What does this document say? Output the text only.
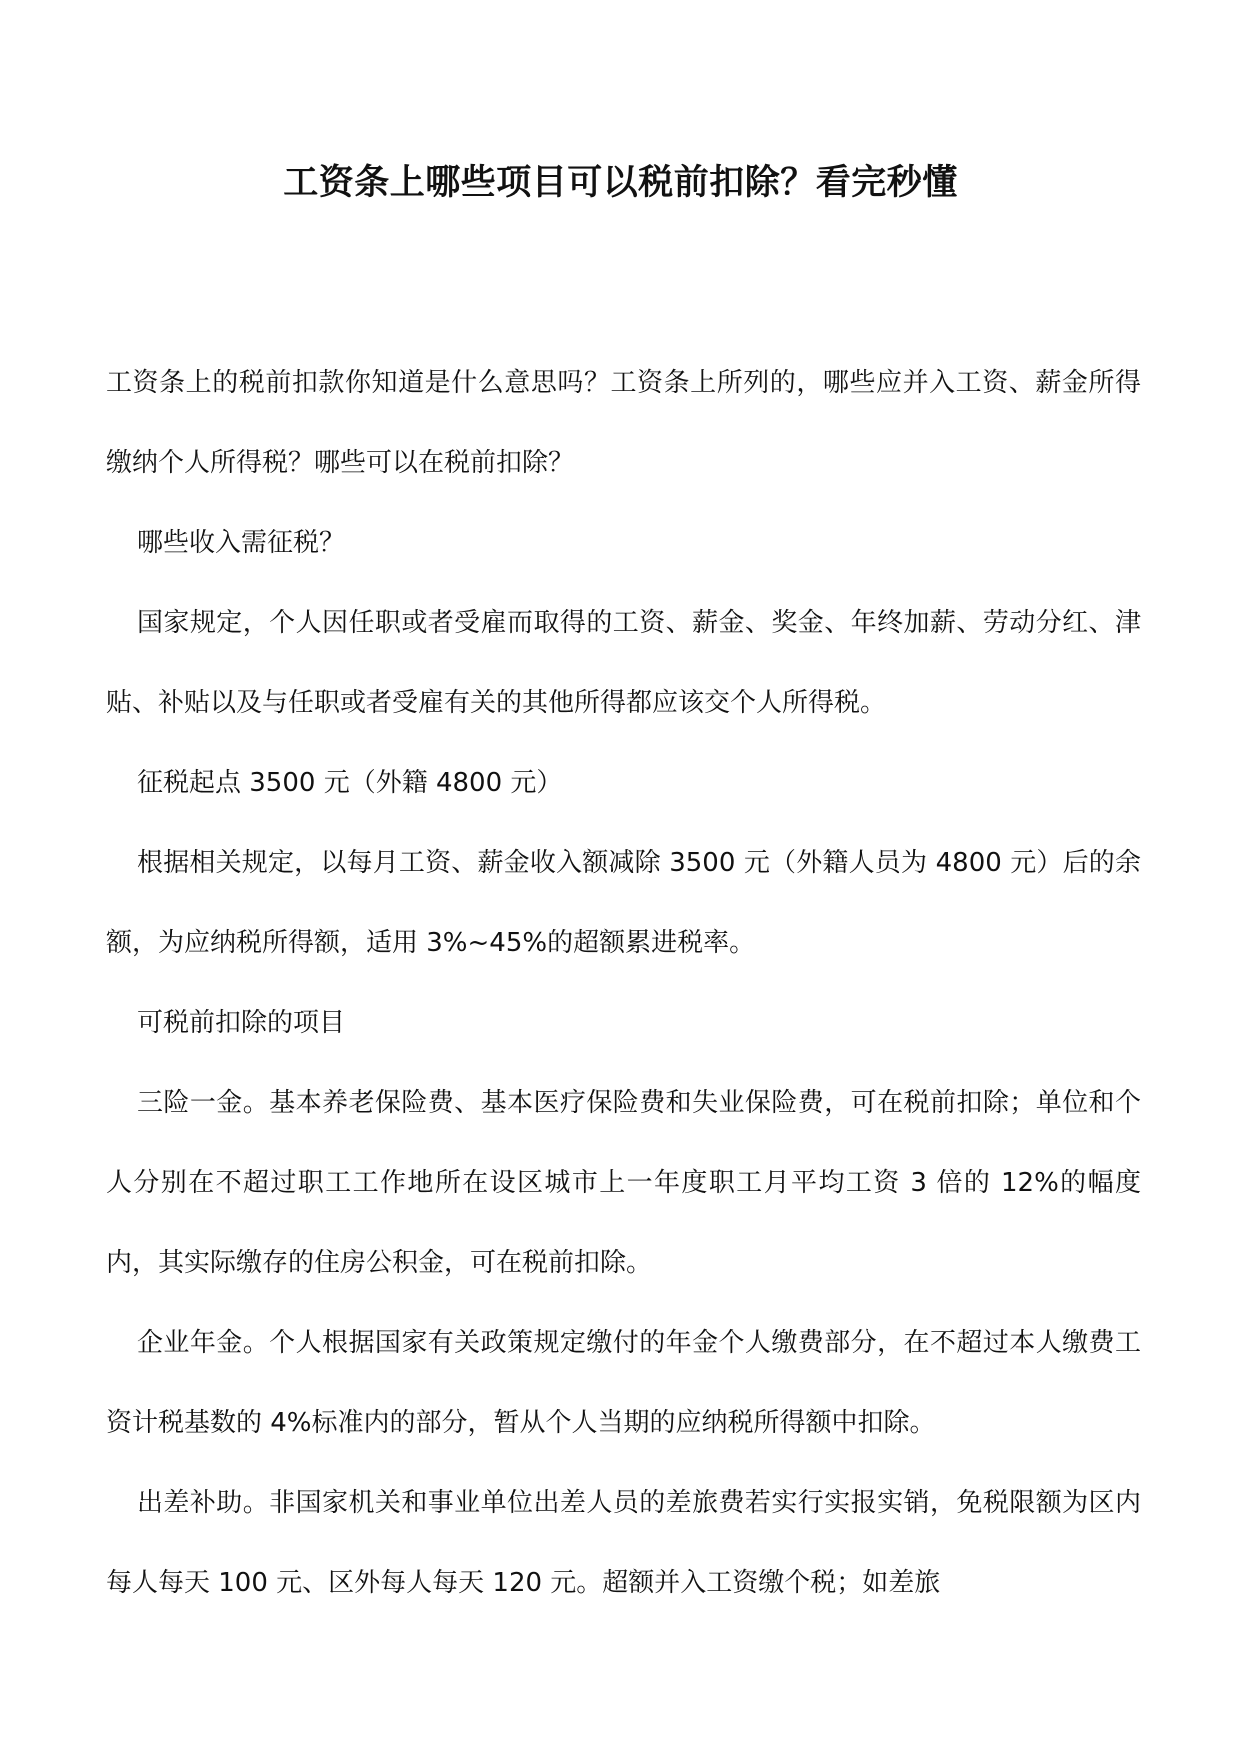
工资条上哪些项目可以税前扣除？看完秒懂

工资条上的税前扣款你知道是什么意思吗？工资条上所列的，哪些应并入工资、薪金所得缴纳个人所得税？哪些可以在税前扣除？

哪些收入需征税？

国家规定，个人因任职或者受雇而取得的工资、薪金、奖金、年终加薪、劳动分红、津贴、补贴以及与任职或者受雇有关的其他所得都应该交个人所得税。

征税起点 3500 元（外籍 4800 元）

根据相关规定，以每月工资、薪金收入额减除 3500 元（外籍人员为 4800 元）后的余额，为应纳税所得额，适用 3%~45%的超额累进税率。

可税前扣除的项目

三险一金。基本养老保险费、基本医疗保险费和失业保险费，可在税前扣除；单位和个人分别在不超过职工工作地所在设区城市上一年度职工月平均工资 3 倍的 12%的幅度内，其实际缴存的住房公积金，可在税前扣除。

企业年金。个人根据国家有关政策规定缴付的年金个人缴费部分，在不超过本人缴费工资计税基数的 4%标准内的部分，暂从个人当期的应纳税所得额中扣除。

出差补助。非国家机关和事业单位出差人员的差旅费若实行实报实销，免税限额为区内每人每天 100 元、区外每人每天 120 元。超额并入工资缴个税；如差旅
